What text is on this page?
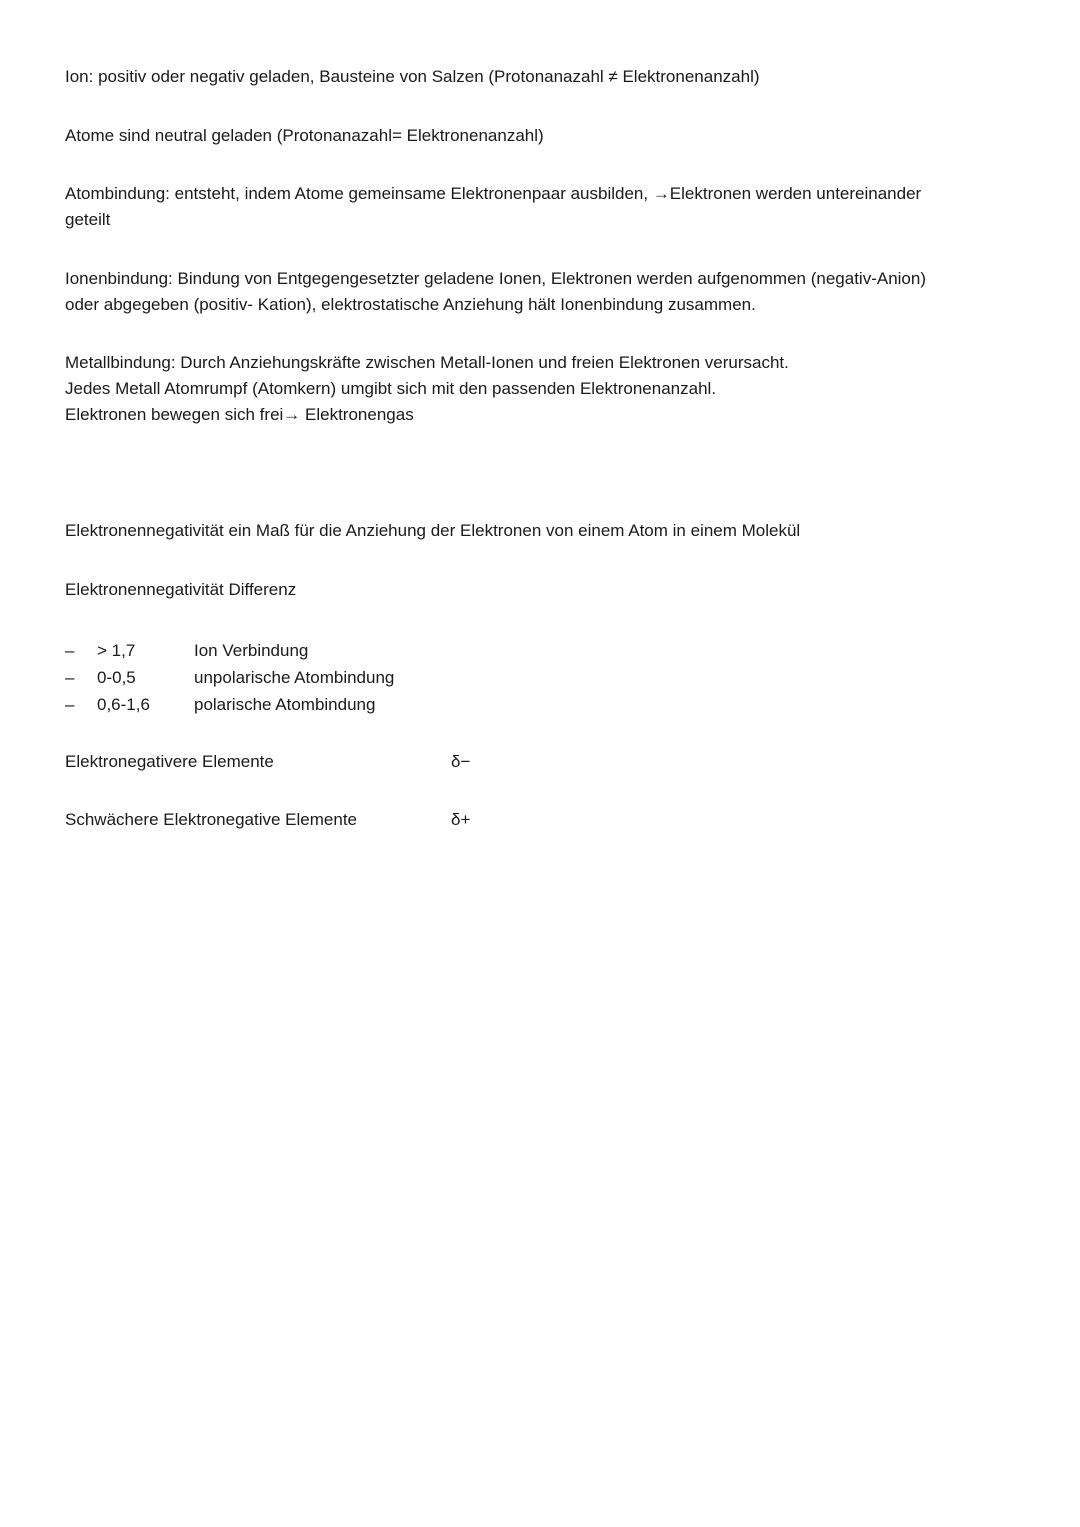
Ion: positiv oder negativ geladen, Bausteine von Salzen (Protonanazahl ≠ Elektronenanzahl)

Atome sind neutral geladen (Protonanazahl= Elektronenanzahl)

Atombindung: entsteht, indem Atome gemeinsame Elektronenpaar ausbilden, →Elektronen werden untereinander
geteilt

Ionenbindung: Bindung von Entgegengesetzter geladene Ionen, Elektronen werden aufgenommen (negativ-Anion)
oder abgegeben (positiv- Kation), elektrostatische Anziehung hält Ionenbindung zusammen.

Metallbindung: Durch Anziehungskräfte zwischen Metall-Ionen und freien Elektronen verursacht.
Jedes Metall Atomrumpf (Atomkern) umgibt sich mit den passenden Elektronenanzahl.
Elektronen bewegen sich frei→ Elektronengas

Elektronennegativität ein Maß für die Anziehung der Elektronen von einem Atom in einem Molekül

Elektronennegativität Differenz

–	> 1,7	Ion Verbindung
–	0-0,5	unpolarische Atombindung
–	0,6-1,6	polarische Atombindung
Elektronegativere Elemente	δ−
Schwächere Elektronegative Elemente	δ+
